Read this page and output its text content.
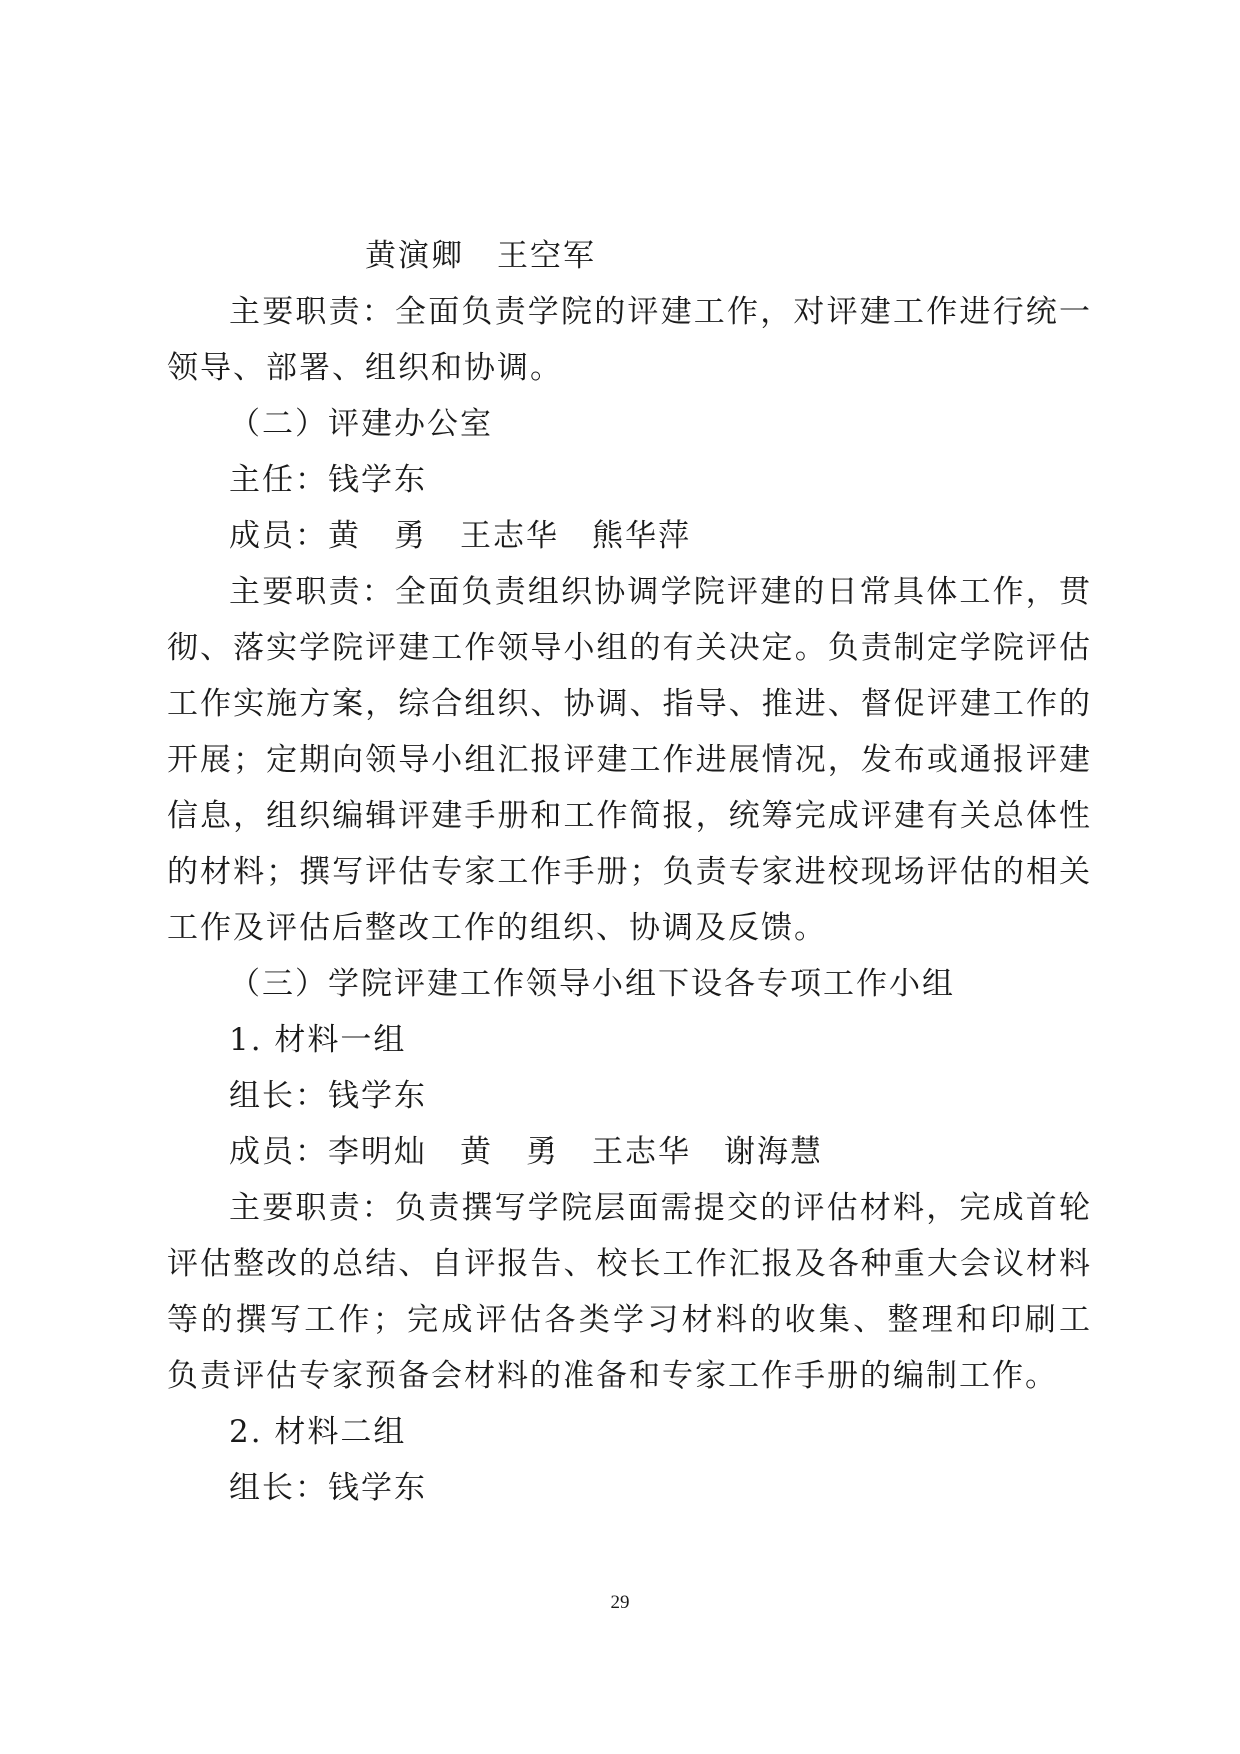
黄演卿　王空军
主要职责：全面负责学院的评建工作，对评建工作进行统一
领导、部署、组织和协调。
（二）评建办公室
主任：钱学东
成员：黄　勇　王志华　熊华萍
主要职责：全面负责组织协调学院评建的日常具体工作，贯
彻、落实学院评建工作领导小组的有关决定。负责制定学院评估
工作实施方案，综合组织、协调、指导、推进、督促评建工作的
开展；定期向领导小组汇报评建工作进展情况，发布或通报评建
信息，组织编辑评建手册和工作简报，统筹完成评建有关总体性
的材料；撰写评估专家工作手册；负责专家进校现场评估的相关
工作及评估后整改工作的组织、协调及反馈。
（三）学院评建工作领导小组下设各专项工作小组
1. 材料一组
组长：钱学东
成员：李明灿　黄　勇　王志华　谢海慧
主要职责：负责撰写学院层面需提交的评估材料，完成首轮
评估整改的总结、自评报告、校长工作汇报及各种重大会议材料
等的撰写工作；完成评估各类学习材料的收集、整理和印刷工
负责评估专家预备会材料的准备和专家工作手册的编制工作。
2. 材料二组
组长：钱学东
29
